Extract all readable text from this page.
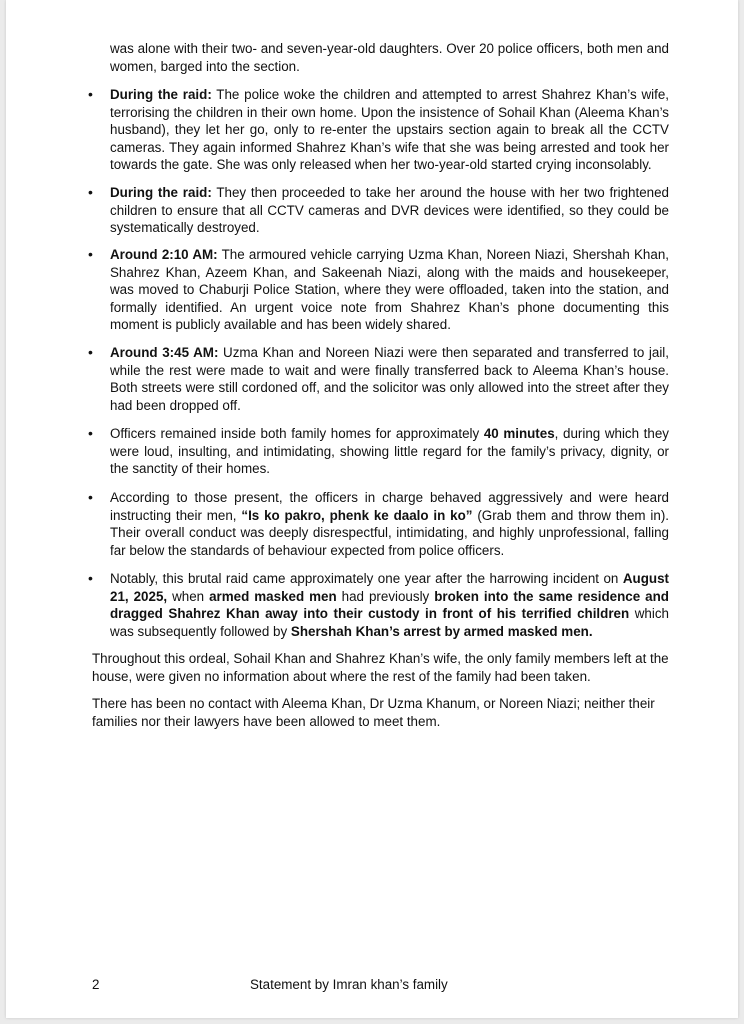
was alone with their two- and seven-year-old daughters. Over 20 police officers, both men and women, barged into the section.
• During the raid: The police woke the children and attempted to arrest Shahrez Khan’s wife, terrorising the children in their own home. Upon the insistence of Sohail Khan (Aleema Khan’s husband), they let her go, only to re-enter the upstairs section again to break all the CCTV cameras. They again informed Shahrez Khan’s wife that she was being arrested and took her towards the gate. She was only released when her two-year-old started crying inconsolably.
• During the raid: They then proceeded to take her around the house with her two frightened children to ensure that all CCTV cameras and DVR devices were identified, so they could be systematically destroyed.
• Around 2:10 AM: The armoured vehicle carrying Uzma Khan, Noreen Niazi, Shershah Khan, Shahrez Khan, Azeem Khan, and Sakeenah Niazi, along with the maids and housekeeper, was moved to Chaburji Police Station, where they were offloaded, taken into the station, and formally identified. An urgent voice note from Shahrez Khan’s phone documenting this moment is publicly available and has been widely shared.
• Around 3:45 AM: Uzma Khan and Noreen Niazi were then separated and transferred to jail, while the rest were made to wait and were finally transferred back to Aleema Khan’s house. Both streets were still cordoned off, and the solicitor was only allowed into the street after they had been dropped off.
• Officers remained inside both family homes for approximately 40 minutes, during which they were loud, insulting, and intimidating, showing little regard for the family’s privacy, dignity, or the sanctity of their homes.
• According to those present, the officers in charge behaved aggressively and were heard instructing their men, “Is ko pakro, phenk ke daalo in ko” (Grab them and throw them in). Their overall conduct was deeply disrespectful, intimidating, and highly unprofessional, falling far below the standards of behaviour expected from police officers.
• Notably, this brutal raid came approximately one year after the harrowing incident on August 21, 2025, when armed masked men had previously broken into the same residence and dragged Shahrez Khan away into their custody in front of his terrified children which was subsequently followed by Shershah Khan’s arrest by armed masked men.
Throughout this ordeal, Sohail Khan and Shahrez Khan’s wife, the only family members left at the house, were given no information about where the rest of the family had been taken.
There has been no contact with Aleema Khan, Dr Uzma Khanum, or Noreen Niazi; neither their families nor their lawyers have been allowed to meet them.
2	Statement by Imran khan’s family
